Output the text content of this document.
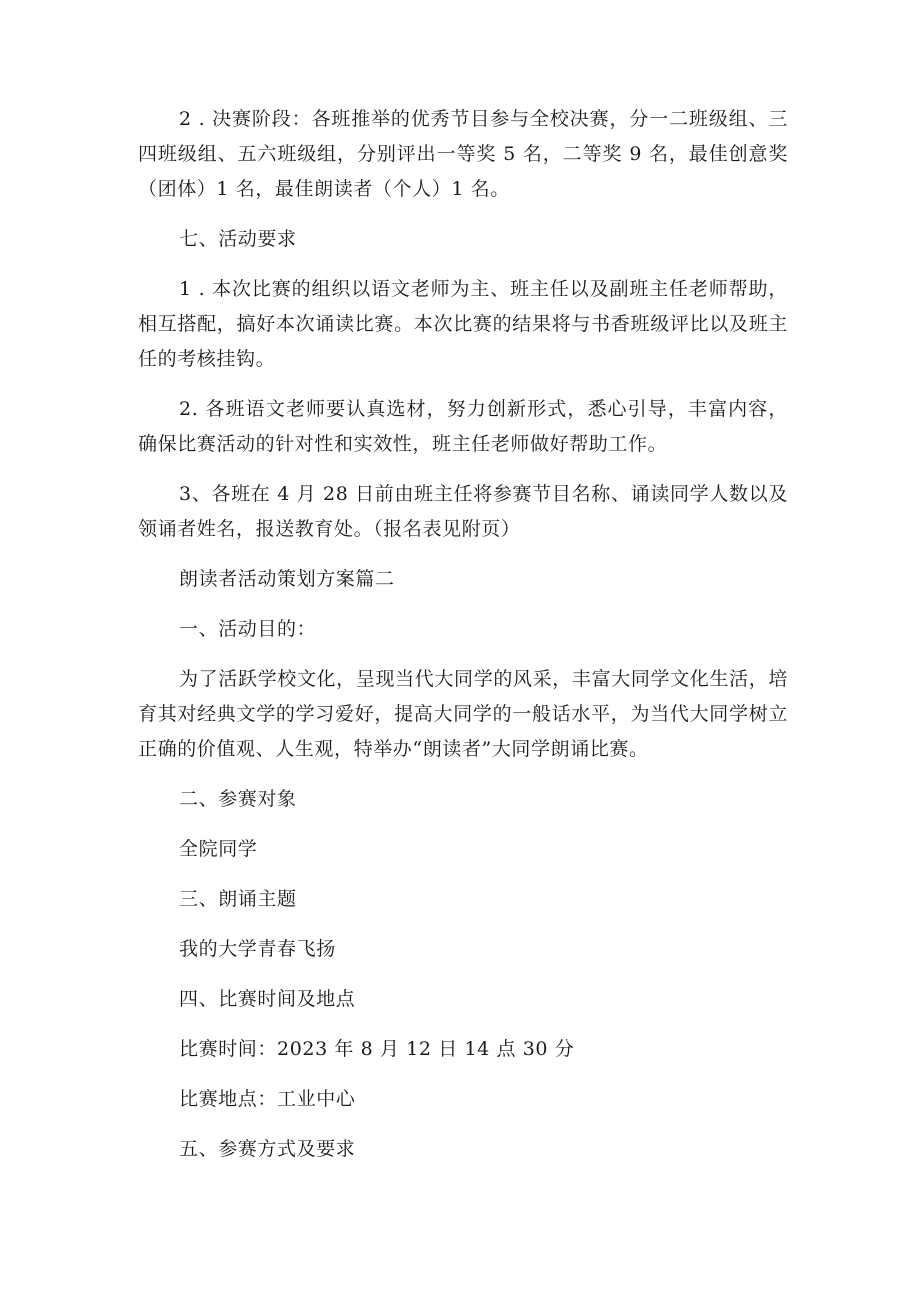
2 . 决赛阶段：各班推举的优秀节目参与全校决赛，分一二班级组、三四班级组、五六班级组，分别评出一等奖 5 名，二等奖 9 名，最佳创意奖（团体）1 名，最佳朗读者（个人）1 名。

七、活动要求

1 . 本次比赛的组织以语文老师为主、班主任以及副班主任老师帮助，相互搭配，搞好本次诵读比赛。本次比赛的结果将与书香班级评比以及班主任的考核挂钩。

2. 各班语文老师要认真选材，努力创新形式，悉心引导，丰富内容，确保比赛活动的针对性和实效性，班主任老师做好帮助工作。

3、各班在 4 月 28 日前由班主任将参赛节目名称、诵读同学人数以及领诵者姓名，报送教育处。（报名表见附页）

朗读者活动策划方案篇二

一、活动目的：

为了活跃学校文化，呈现当代大同学的风采，丰富大同学文化生活，培育其对经典文学的学习爱好，提高大同学的一般话水平，为当代大同学树立正确的价值观、人生观，特举办“朗读者”大同学朗诵比赛。

二、参赛对象

全院同学

三、朗诵主题

我的大学青春飞扬

四、比赛时间及地点

比赛时间：2023 年 8 月 12 日 14 点 30 分

比赛地点：工业中心

五、参赛方式及要求
